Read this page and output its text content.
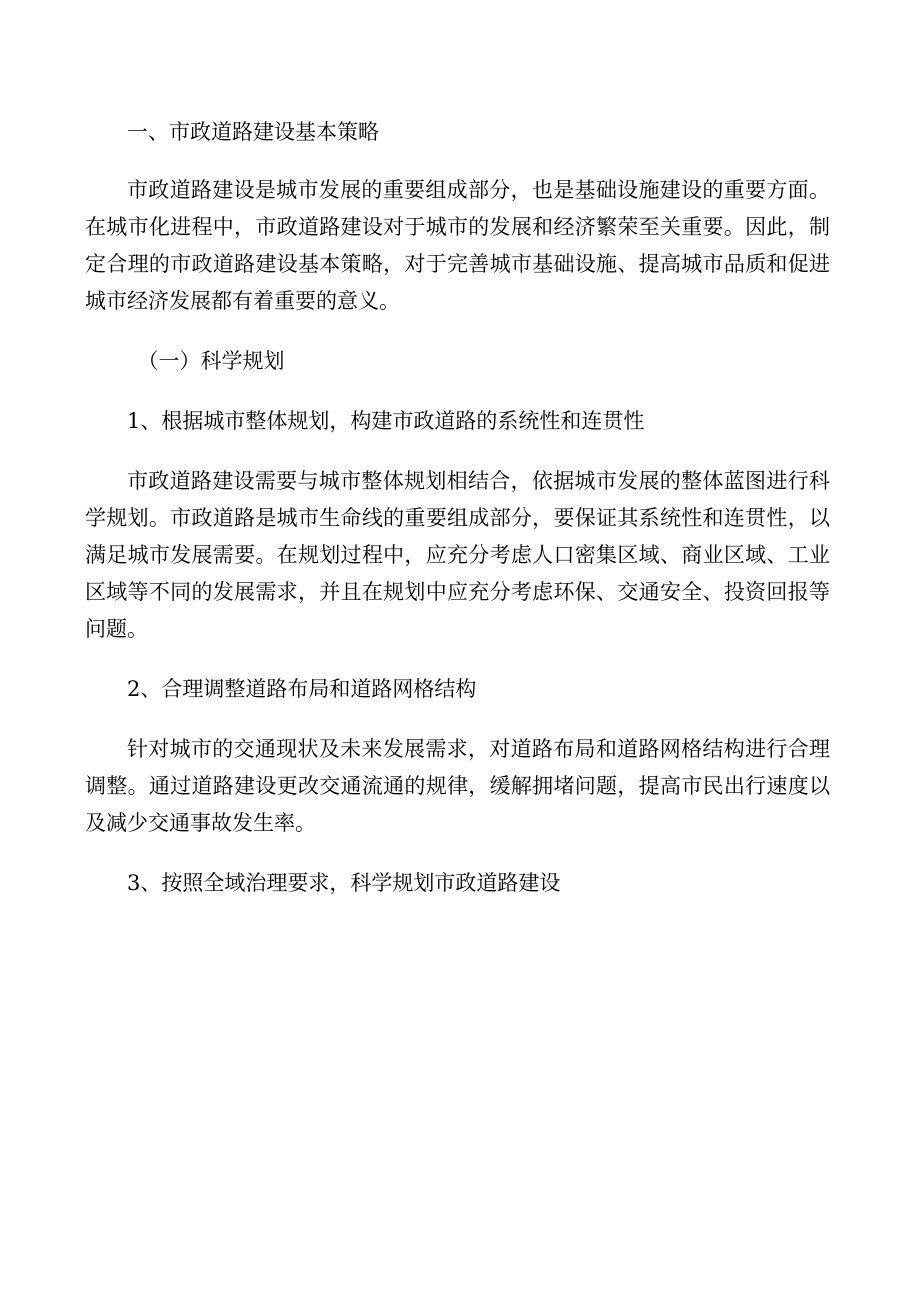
一、市政道路建设基本策略

市政道路建设是城市发展的重要组成部分，也是基础设施建设的重要方面。在城市化进程中，市政道路建设对于城市的发展和经济繁荣至关重要。因此，制定合理的市政道路建设基本策略，对于完善城市基础设施、提高城市品质和促进城市经济发展都有着重要的意义。

（一）科学规划

1、根据城市整体规划，构建市政道路的系统性和连贯性

市政道路建设需要与城市整体规划相结合，依据城市发展的整体蓝图进行科学规划。市政道路是城市生命线的重要组成部分，要保证其系统性和连贯性，以满足城市发展需要。在规划过程中，应充分考虑人口密集区域、商业区域、工业区域等不同的发展需求，并且在规划中应充分考虑环保、交通安全、投资回报等问题。

2、合理调整道路布局和道路网格结构

针对城市的交通现状及未来发展需求，对道路布局和道路网格结构进行合理调整。通过道路建设更改交通流通的规律，缓解拥堵问题，提高市民出行速度以及减少交通事故发生率。

3、按照全域治理要求，科学规划市政道路建设
